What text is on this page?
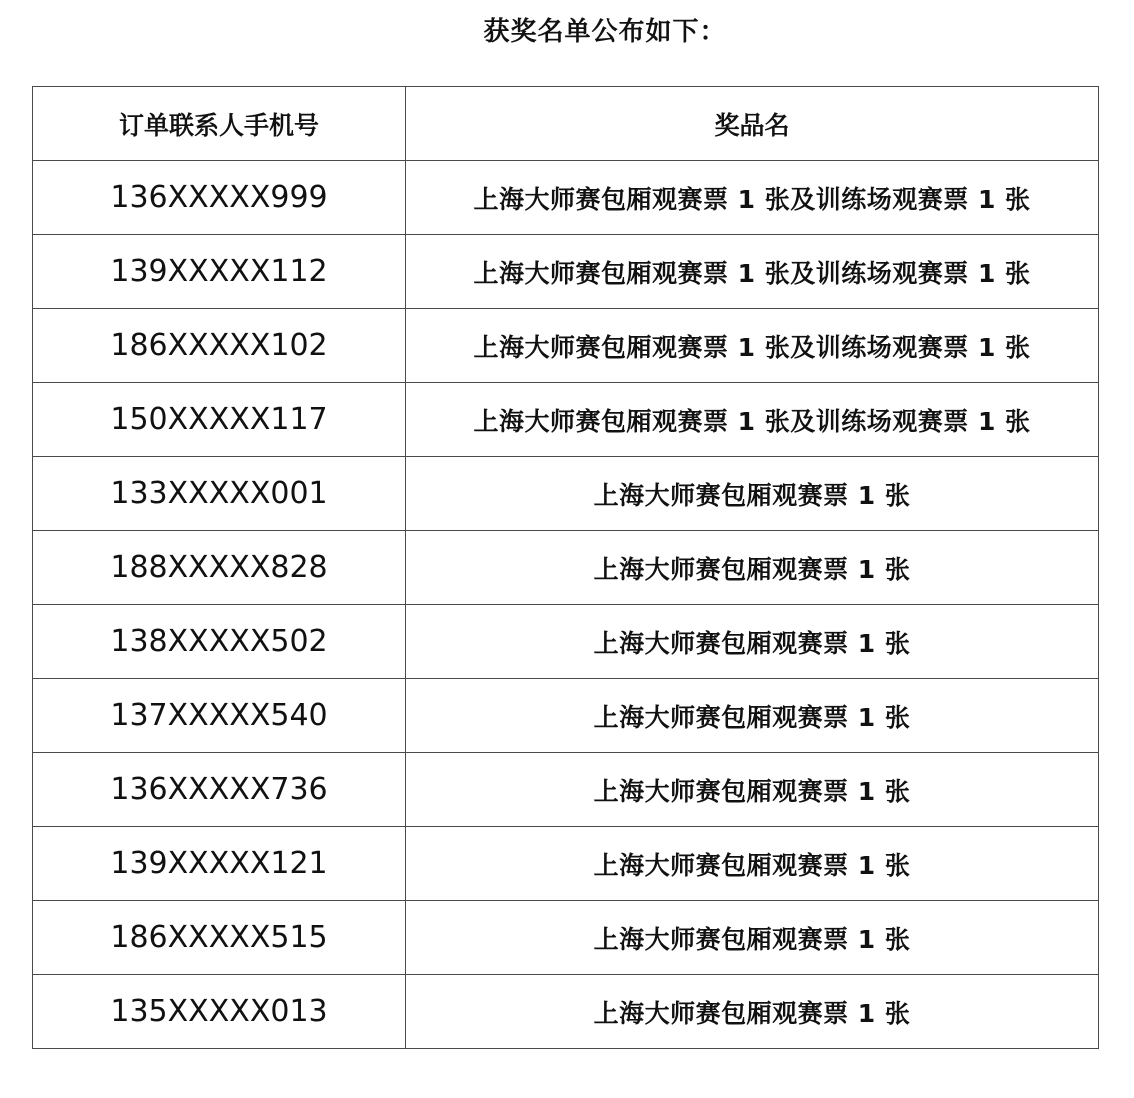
获奖名单公布如下：
订单联系人手机号	奖品名
136XXXXX999	上海大师赛包厢观赛票 1 张及训练场观赛票 1 张
139XXXXX112	上海大师赛包厢观赛票 1 张及训练场观赛票 1 张
186XXXXX102	上海大师赛包厢观赛票 1 张及训练场观赛票 1 张
150XXXXX117	上海大师赛包厢观赛票 1 张及训练场观赛票 1 张
133XXXXX001	上海大师赛包厢观赛票 1 张
188XXXXX828	上海大师赛包厢观赛票 1 张
138XXXXX502	上海大师赛包厢观赛票 1 张
137XXXXX540	上海大师赛包厢观赛票 1 张
136XXXXX736	上海大师赛包厢观赛票 1 张
139XXXXX121	上海大师赛包厢观赛票 1 张
186XXXXX515	上海大师赛包厢观赛票 1 张
135XXXXX013	上海大师赛包厢观赛票 1 张
